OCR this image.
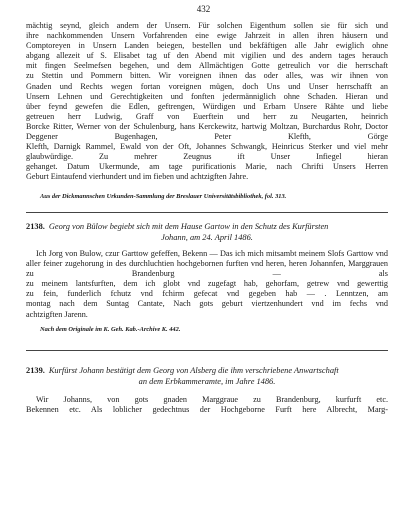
432
mächtig seynd, gleich andern der Unsern. Für solchen Eigenthum sollen sie für sich und
ihre nachkommenden Unsern Vorfahrenden eine ewige Jahrzeit in allen ihren häusern und
Comptoreyen in Unsern Landen beiegen, bestellen und bekfäftigen alle Jahr ewiglich ohne
abgang allezeit uf S. Elisabet tag uf den Abend mit vigilien und des andern tages herauch
mit fingen Seelmefsen begehen, und dem Allmächtigen Gotte getreulich vor die herrschaft
zu Stettin und Pommern bitten. Wir voreignen ihnen das oder alles, was wir ihnen von
Gnaden und Rechts wegen fortan voreignen mügen, doch Uns und Unser herrschafft an
Unsern Lehnen und Gerechtigkeiten und fonften jedermänniglich ohne Schaden. Hieran und
über feynd gewefen die Edlen, geftrengen, Würdigen und Erbarn Unsere Rähte und liebe
getreuen herr Ludwig, Graff von Euerftein und herr zu Neugarten, heinrich
Borcke Ritter, Werner von der Schulenburg, hans Kerckewitz, hartwig Moltzan, Burchardus Rohr, Doctor Deggener Bugenhagen, Peter Klefth, Görge
Klefth, Darnigk Rammel, Ewald von der Oft, Johannes Schwangk, Heinricus Sterker und viel mehr glaubwürdige. Zu mehrer Zeugnus ift Unser Infiegel hieran
gehanget. Datum Ukermunde, am tage purificationis Marie, nach Chrifti Unsers Herren
Geburt Eintaufend vierhundert und im fieben und achtzigften Jahre.
Aus der Dickmannschen Urkunden-Sammlung der Breslauer Universitätsbibliothek, fol. 313.
2138. Georg von Bülow begiebt sich mit dem Hause Gartow in den Schutz des Kurfürsten
Johann, am 24. April 1486.
Ich Jorg von Bulow, czur Garttow gefeffen, Bekenn — Das ich mich mitsambt meinem Slofs Garttow vnd aller feiner zugehorung in des durchluchtien hochgebornen furften vnd heren, heren Johannfen, Marggrauen zu Brandenburg — als
zu meinem lantsfurften, dem ich globt vnd zugefagt hab, gehorfam, getrew vnd gewerttig
zu fein, funderlich fchutz vnd fchirm gefecat vnd gegeben hab — . Lenntzen, am
montag nach dem Suntag Cantate, Nach gots geburt viertzenhundert vnd im fechs vnd
achtzigften Jarenn.
Nach dem Originale im K. Geh. Kab.-Archive K. 442.
2139. Kurfürst Johann bestätigt dem Georg von Alsberg die ihm verschriebene Anwartschaft
an dem Erbkammeramte, im Jahre 1486.
Wir Johanns, von gots gnaden Marggraue zu Brandenburg, kurfurft etc.
Bekennen etc. Als loblicher gedechtnus der Hochgeborne Furft here Albrecht, Marg-
